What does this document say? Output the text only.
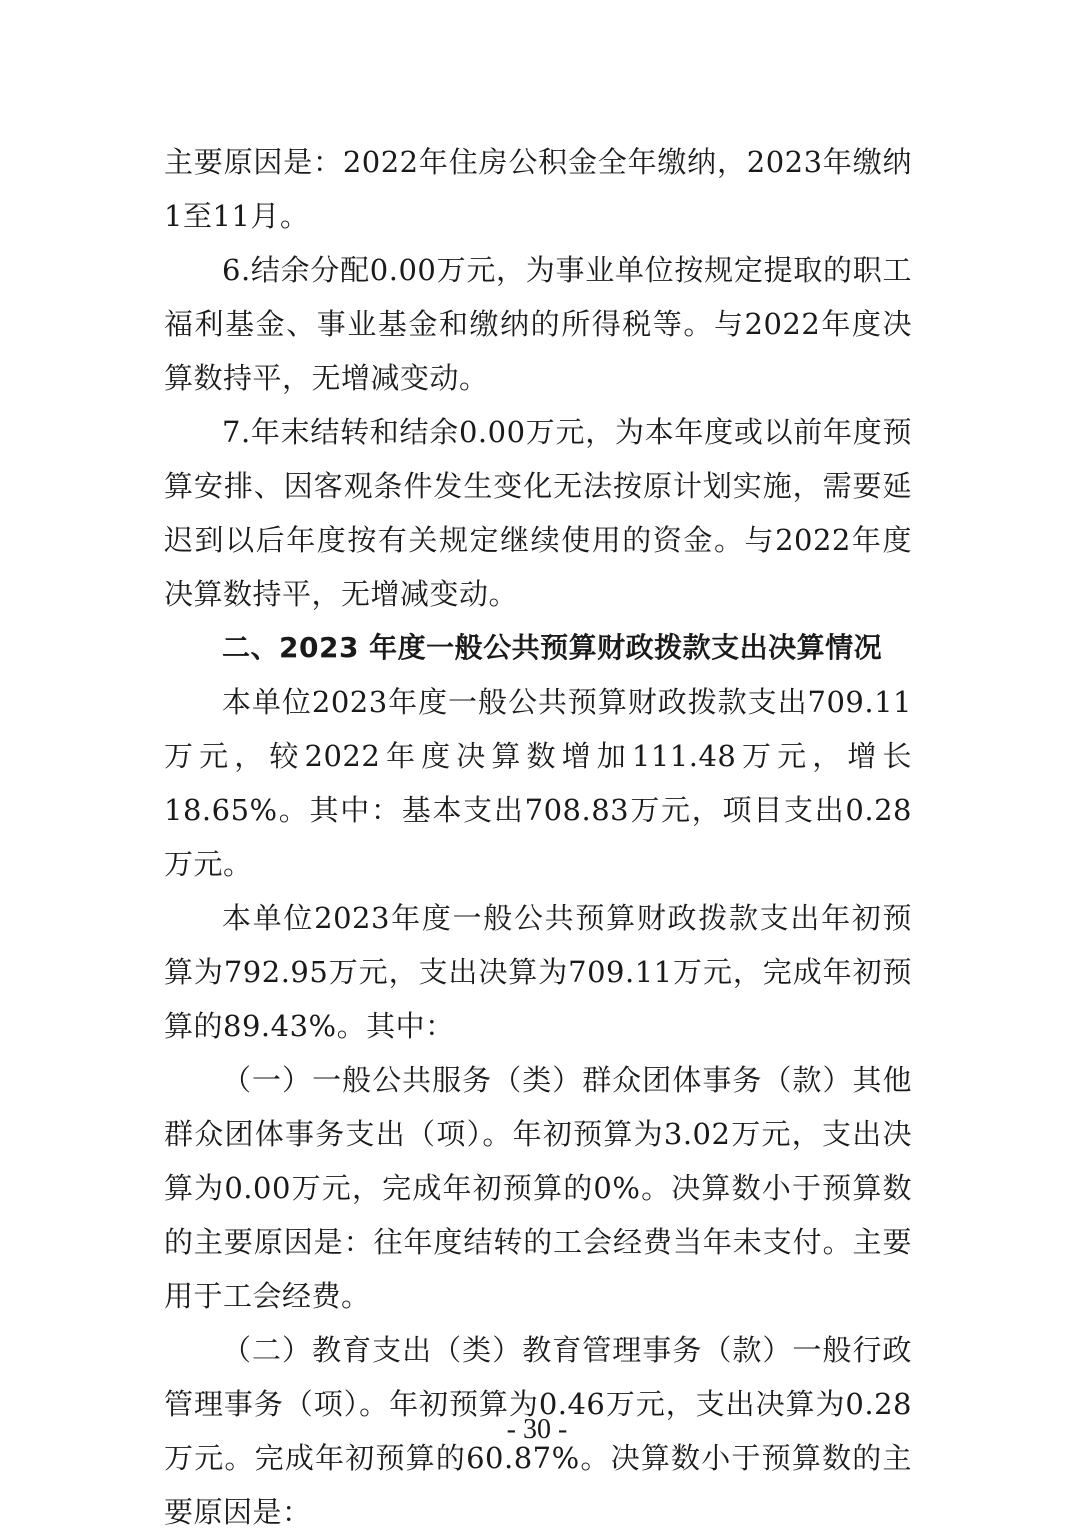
主要原因是：2022年住房公积金全年缴纳，2023年缴纳1至11月。

6.结余分配0.00万元，为事业单位按规定提取的职工福利基金、事业基金和缴纳的所得税等。与2022年度决算数持平，无增减变动。

7.年末结转和结余0.00万元，为本年度或以前年度预算安排、因客观条件发生变化无法按原计划实施，需要延迟到以后年度按有关规定继续使用的资金。与2022年度决算数持平，无增减变动。

二、2023 年度一般公共预算财政拨款支出决算情况

本单位2023年度一般公共预算财政拨款支出709.11万元，较2022年度决算数增加111.48万元，增长18.65%。其中：基本支出708.83万元，项目支出0.28万元。

本单位2023年度一般公共预算财政拨款支出年初预算为792.95万元，支出决算为709.11万元，完成年初预算的89.43%。其中：

（一）一般公共服务（类）群众团体事务（款）其他群众团体事务支出（项）。年初预算为3.02万元，支出决算为0.00万元，完成年初预算的0%。决算数小于预算数的主要原因是：往年度结转的工会经费当年未支付。主要用于工会经费。

（二）教育支出（类）教育管理事务（款）一般行政管理事务（项）。年初预算为0.46万元，支出决算为0.28万元。完成年初预算的60.87%。决算数小于预算数的主要原因是：

- 30 -
